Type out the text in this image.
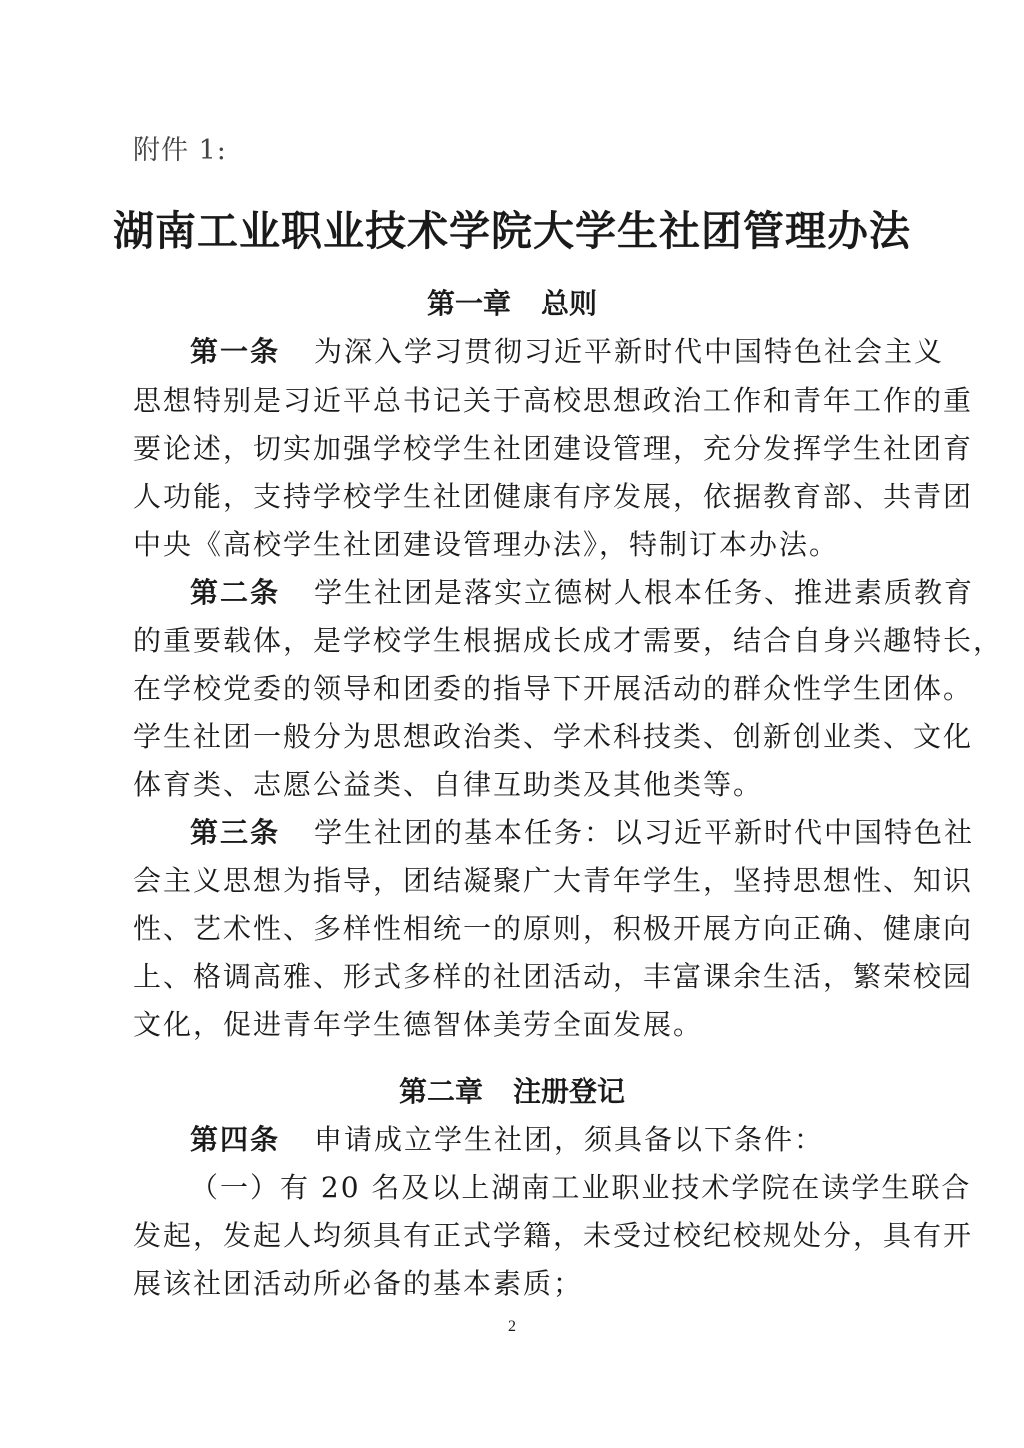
附件 1:
湖南工业职业技术学院大学生社团管理办法
第一章 总则
第一条 为深入学习贯彻习近平新时代中国特色社会主义
思想特别是习近平总书记关于高校思想政治工作和青年工作的重
要论述，切实加强学校学生社团建设管理，充分发挥学生社团育
人功能，支持学校学生社团健康有序发展，依据教育部、共青团
中央《高校学生社团建设管理办法》，特制订本办法。
第二条 学生社团是落实立德树人根本任务、推进素质教育
的重要载体，是学校学生根据成长成才需要，结合自身兴趣特长，
在学校党委的领导和团委的指导下开展活动的群众性学生团体。
学生社团一般分为思想政治类、学术科技类、创新创业类、文化
体育类、志愿公益类、自律互助类及其他类等。
第三条 学生社团的基本任务：以习近平新时代中国特色社
会主义思想为指导，团结凝聚广大青年学生，坚持思想性、知识
性、艺术性、多样性相统一的原则，积极开展方向正确、健康向
上、格调高雅、形式多样的社团活动，丰富课余生活，繁荣校园
文化，促进青年学生德智体美劳全面发展。
第二章 注册登记
第四条 申请成立学生社团，须具备以下条件：
（一）有 20 名及以上湖南工业职业技术学院在读学生联合
发起，发起人均须具有正式学籍，未受过校纪校规处分，具有开
展该社团活动所必备的基本素质；
2
